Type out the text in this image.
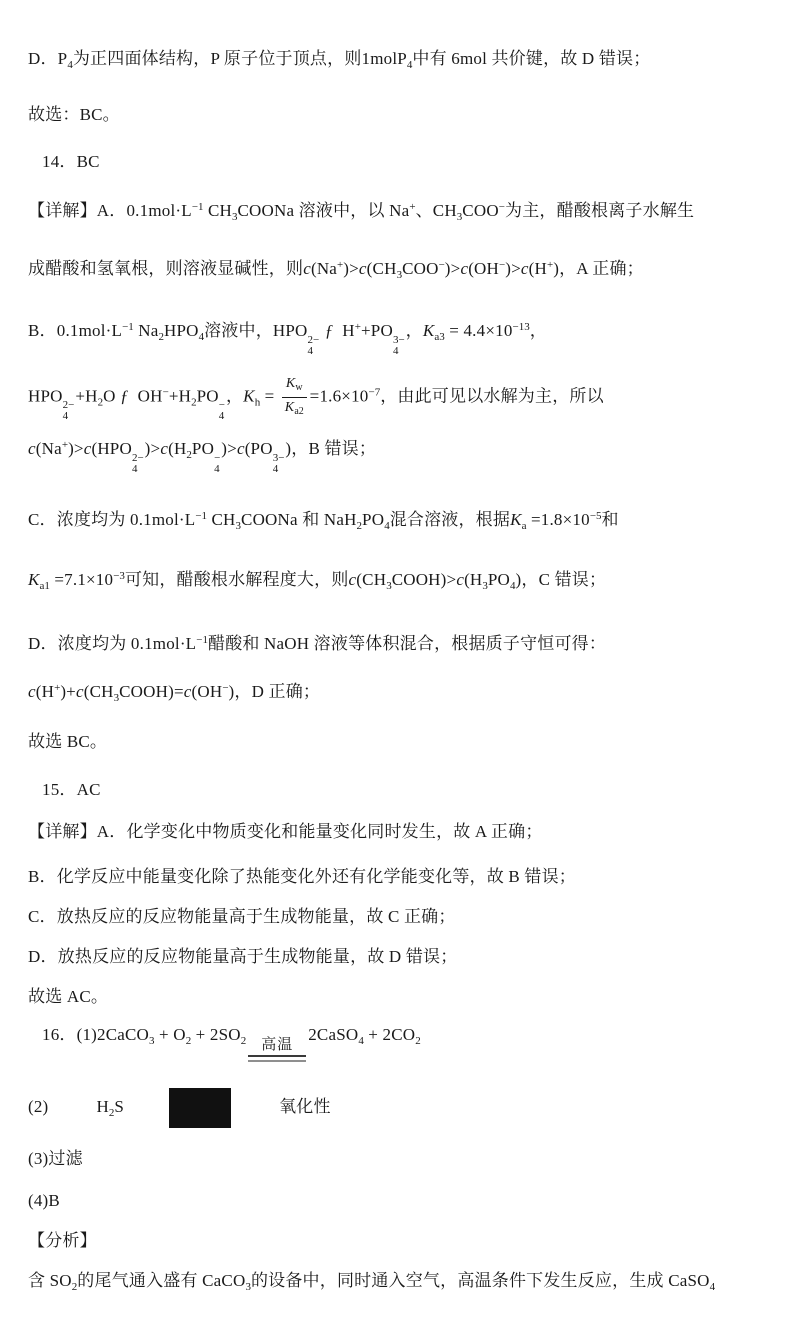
D．$P_4$为正四面体结构，P 原子位于顶点，则1molP$_4$中有 6mol 共价键，故 D 错误；
故选：BC。
14．BC
【详解】A．$0.1mol\cdot L^{-1}$ $CH_3COONa$ 溶液中，以 Na+、$CH_3COO^-$为主，醋酸根离子水解生
成醋酸和氢氧根，则溶液显碱性，则$c(Na^+)>c(CH_3COO^-)>c(OH^-)>c(H^+)$，A 正确；
B．$0.1mol\cdot L^{-1}$ $Na_2HPO_4$溶液中，HPO 2−
4
ƒ  H++PO 3−
4
，$K_{a3} = 4.4\times 10^{-13}$，
HPO 2−
4
$+H_2O$ ƒ  $OH^-+H_2PO$ −
4
，$K_h = \frac{K_w}{K_{a2}} =1.6\times 10^{-7}$，由此可见以水解为主，所以
c(Na+)>c(HPO 2−
4
)$>c(H_2PO$ −
4
)>c(PO 3−
4
)，B 错误；
C．浓度均为 $0.1mol\cdot L^{-1}$ $CH_3COONa$ 和 $NaH_2PO_4$混合溶液，根据$K_a =1.8\times 10^{-5}$和
$K_{a1} =7.1\times 10^{-3}$可知，醋酸根水解程度大，则$c(CH_3COOH)>c(H_3PO_4)$，C 错误；
D．浓度均为 $0.1mol\cdot L^{-1}$醋酸和 NaOH 溶液等体积混合，根据质子守恒可得：
$c(H^+)+c(CH_3COOH)=c(OH^-)$，D 正确；
故选 BC。
15．AC
【详解】A．化学变化中物质变化和能量变化同时发生，故 A 正确；
B．化学反应中能量变化除了热能变化外还有化学能变化等，故 B 错误；
C．放热反应的反应物能量高于生成物能量，故 C 正确；
D．放热反应的反应物能量高于生成物能量，故 D 错误；
故选 AC。
16．(1)2CaCO$_3$ + $O_2 + 2SO_2$ 高温
2CaSO$_4$ + $2CO_2$
(2)	$H_2S$	氧化性
(3)过滤
(4)B
【分析】
含 $SO_2$的尾气通入盛有 CaCO$_3$的设备中，同时通入空气，高温条件下发生反应，生成 CaSO$_4$
